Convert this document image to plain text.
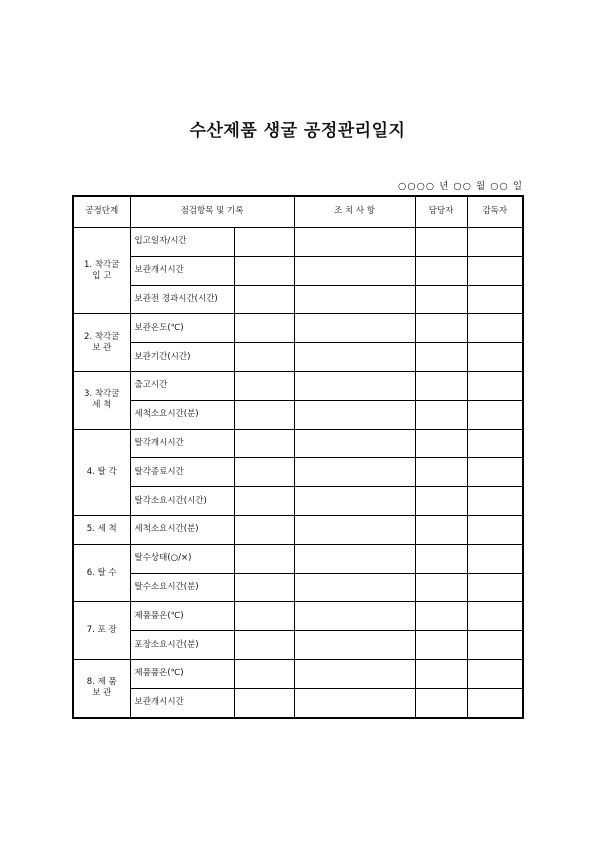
수산제품 생굴 공정관리일지
○○○○ 년 ○○ 월 ○○ 일
공정단계	점검항목 및 기록		조 치 사 항	담당자	감독자

1. 착각굴
입 고	입고일자/시간				
	보관개시시간				
	보관전 경과시간(시간)				

2. 착각굴
보 관	보관온도(℃)				
	보관기간(시간)				

3. 착각굴
세 척	출고시간				
	세척소요시간(분)				

4. 탈 각	탈각개시시간				
	탈각종료시간				
	탈각소요시간(시간)				

5. 세 척	세척소요시간(분)				

6. 탈 수	탈수상태(○/×)				
	탈수소요시간(분)				

7. 포 장	제품품온(℃)				
	포장소요시간(분)				

8. 제 품
보 관	제품품온(℃)				
	보관개시시간				
